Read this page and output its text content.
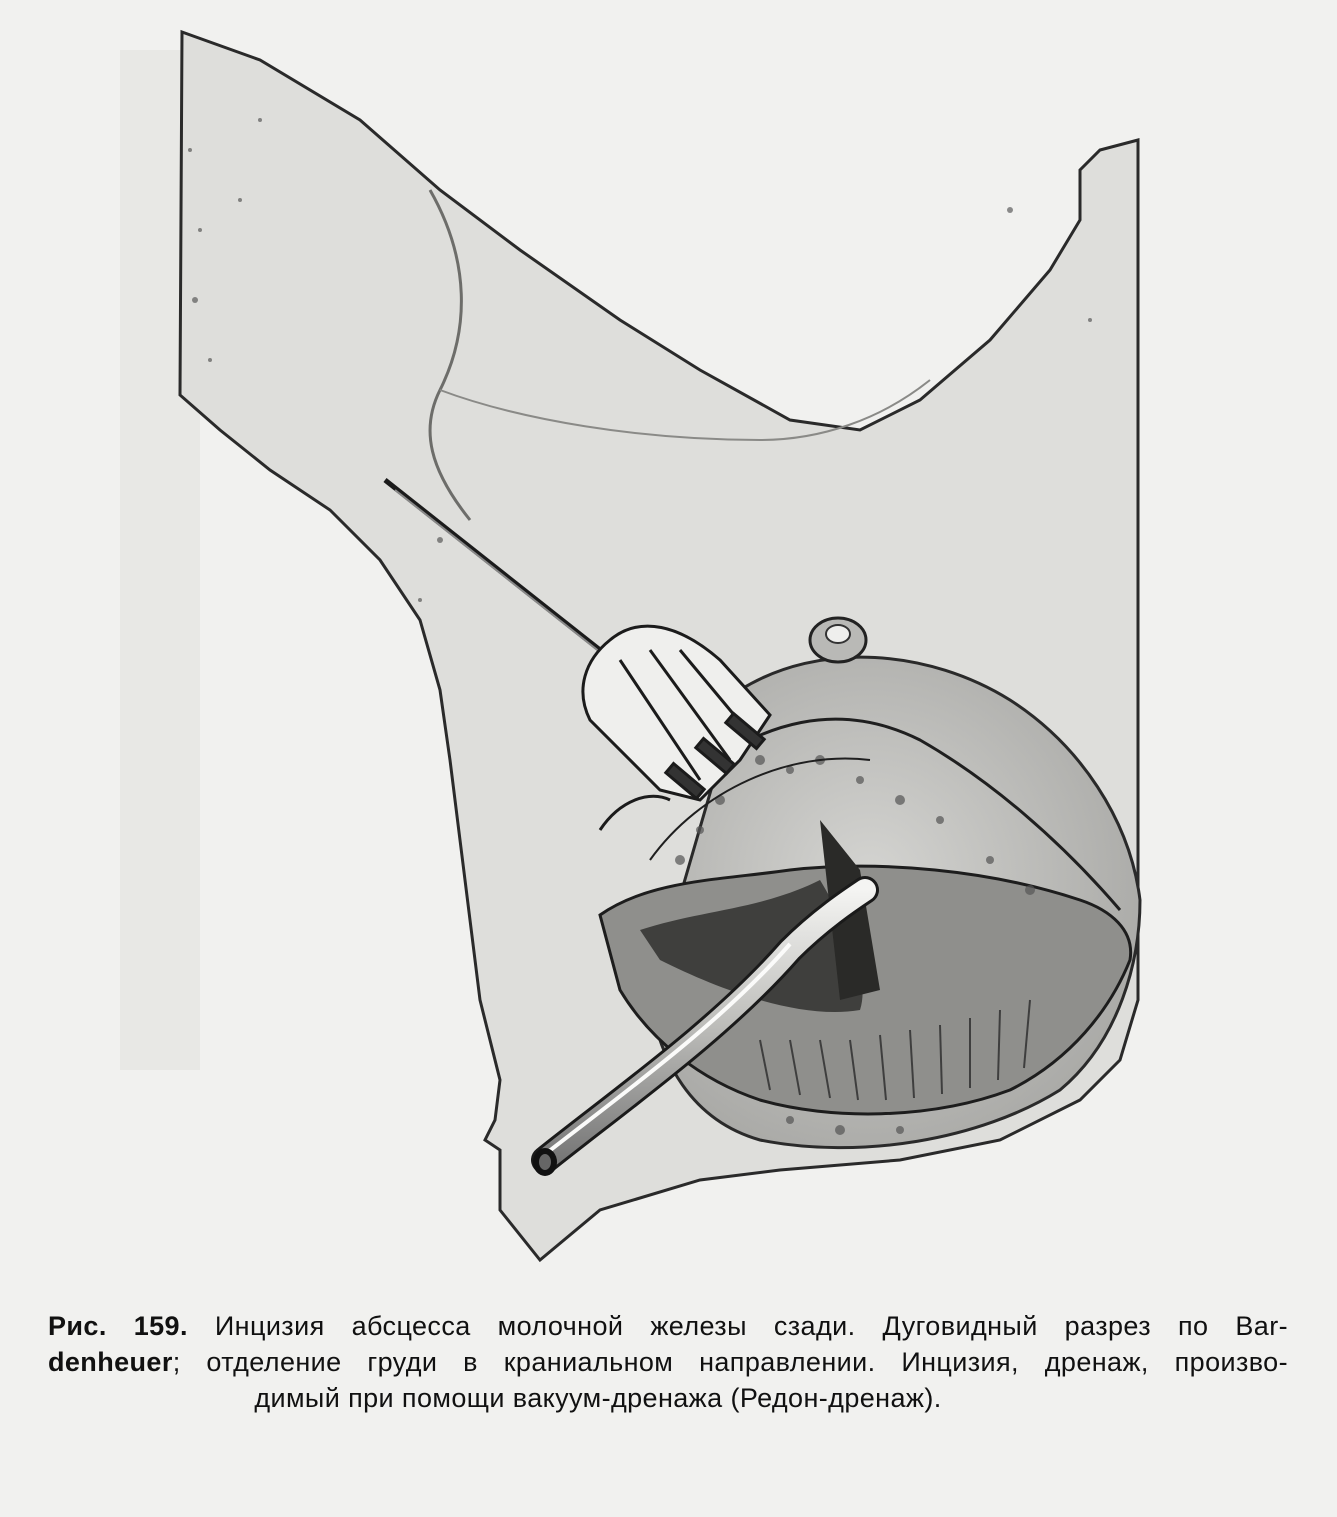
Рис. 159. Инцизия абсцесса молочной железы сзади. Дуговидный разрез по Bar-
denheuer; отделение груди в краниальном направлении. Инцизия, дренаж, произво-
димый при помощи вакуум-дренажа (Редон-дренаж).
